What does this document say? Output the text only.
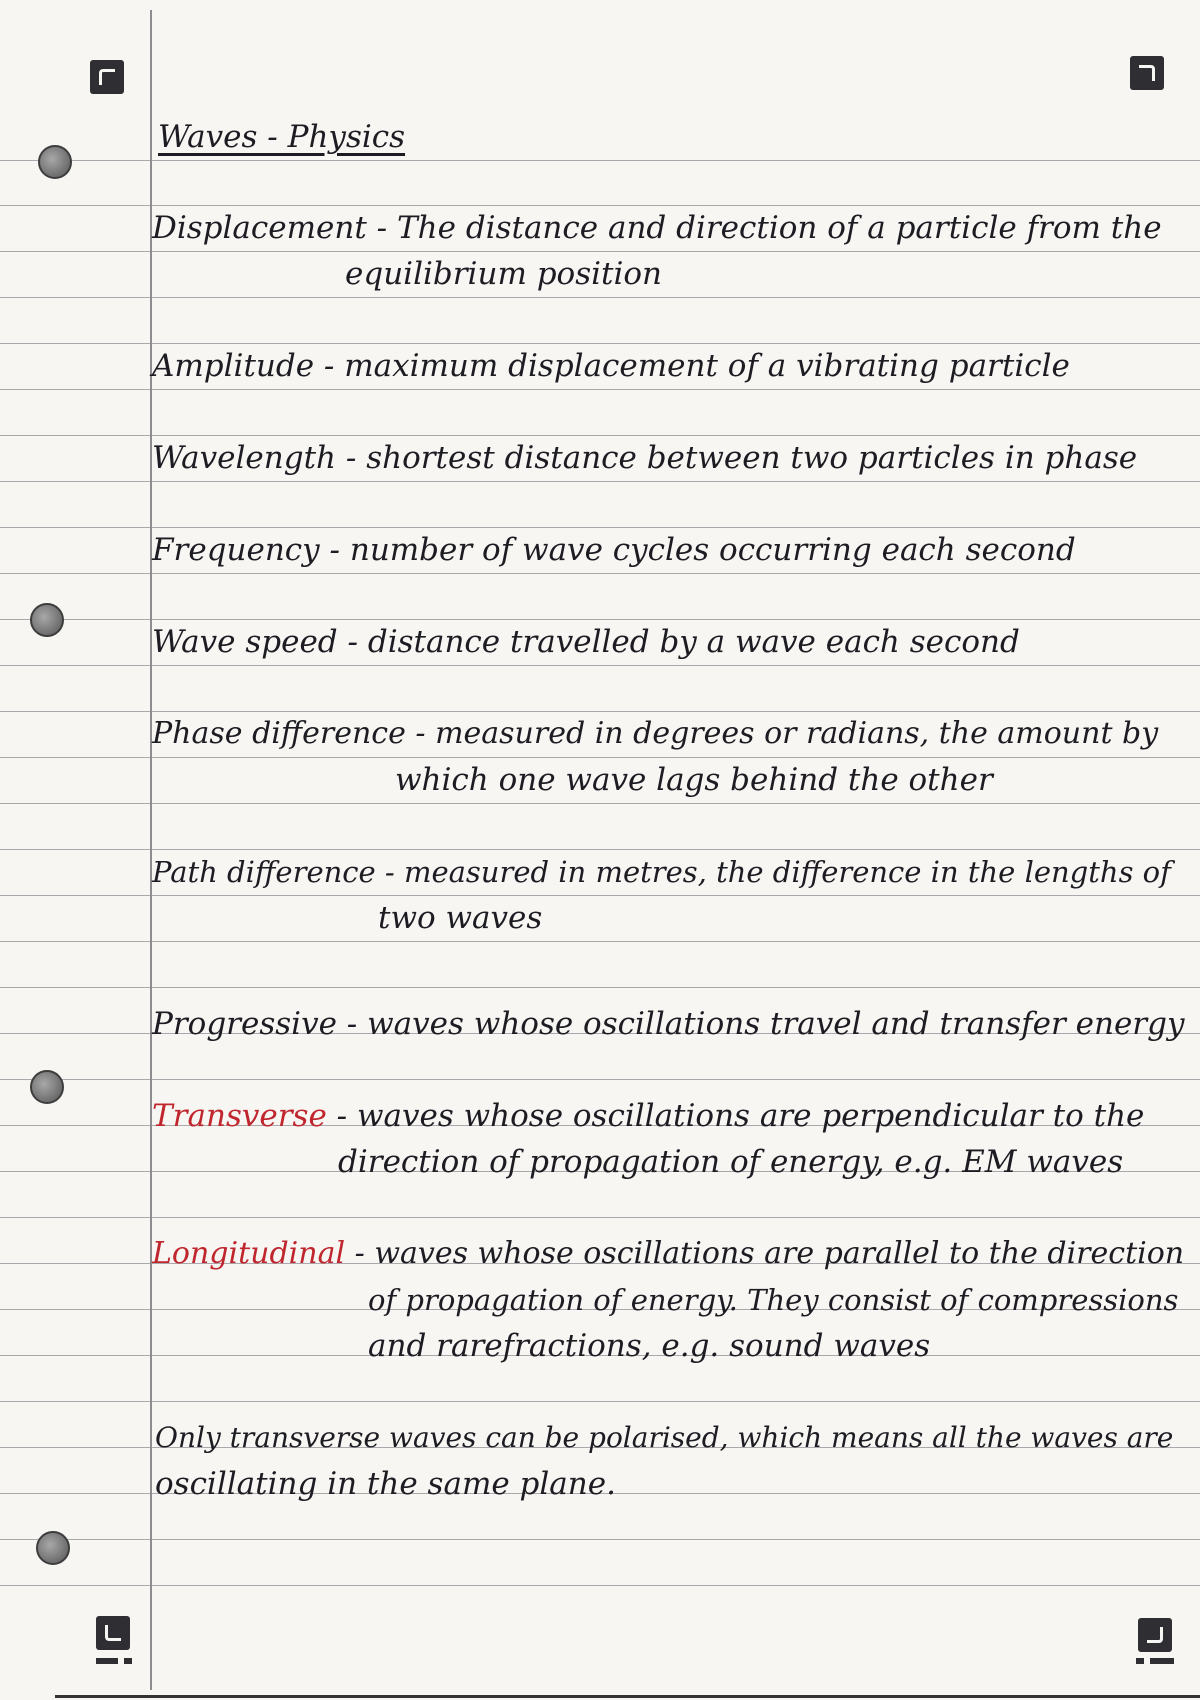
Waves - Physics
Displacement - The distance and direction of a particle from the
equilibrium position
Amplitude - maximum displacement of a vibrating particle
Wavelength - shortest distance between two particles in phase
Frequency - number of wave cycles occurring each second
Wave speed - distance travelled by a wave each second
Phase difference - measured in degrees or radians, the amount by
which one wave lags behind the other
Path difference - measured in metres, the difference in the lengths of
two waves
Progressive - waves whose oscillations travel and transfer energy
Transverse - waves whose oscillations are perpendicular to the
direction of propagation of energy, e.g. EM waves
Longitudinal - waves whose oscillations are parallel to the direction
of propagation of energy. They consist of compressions
and rarefractions, e.g. sound waves
Only transverse waves can be polarised, which means all the waves are
oscillating in the same plane.
